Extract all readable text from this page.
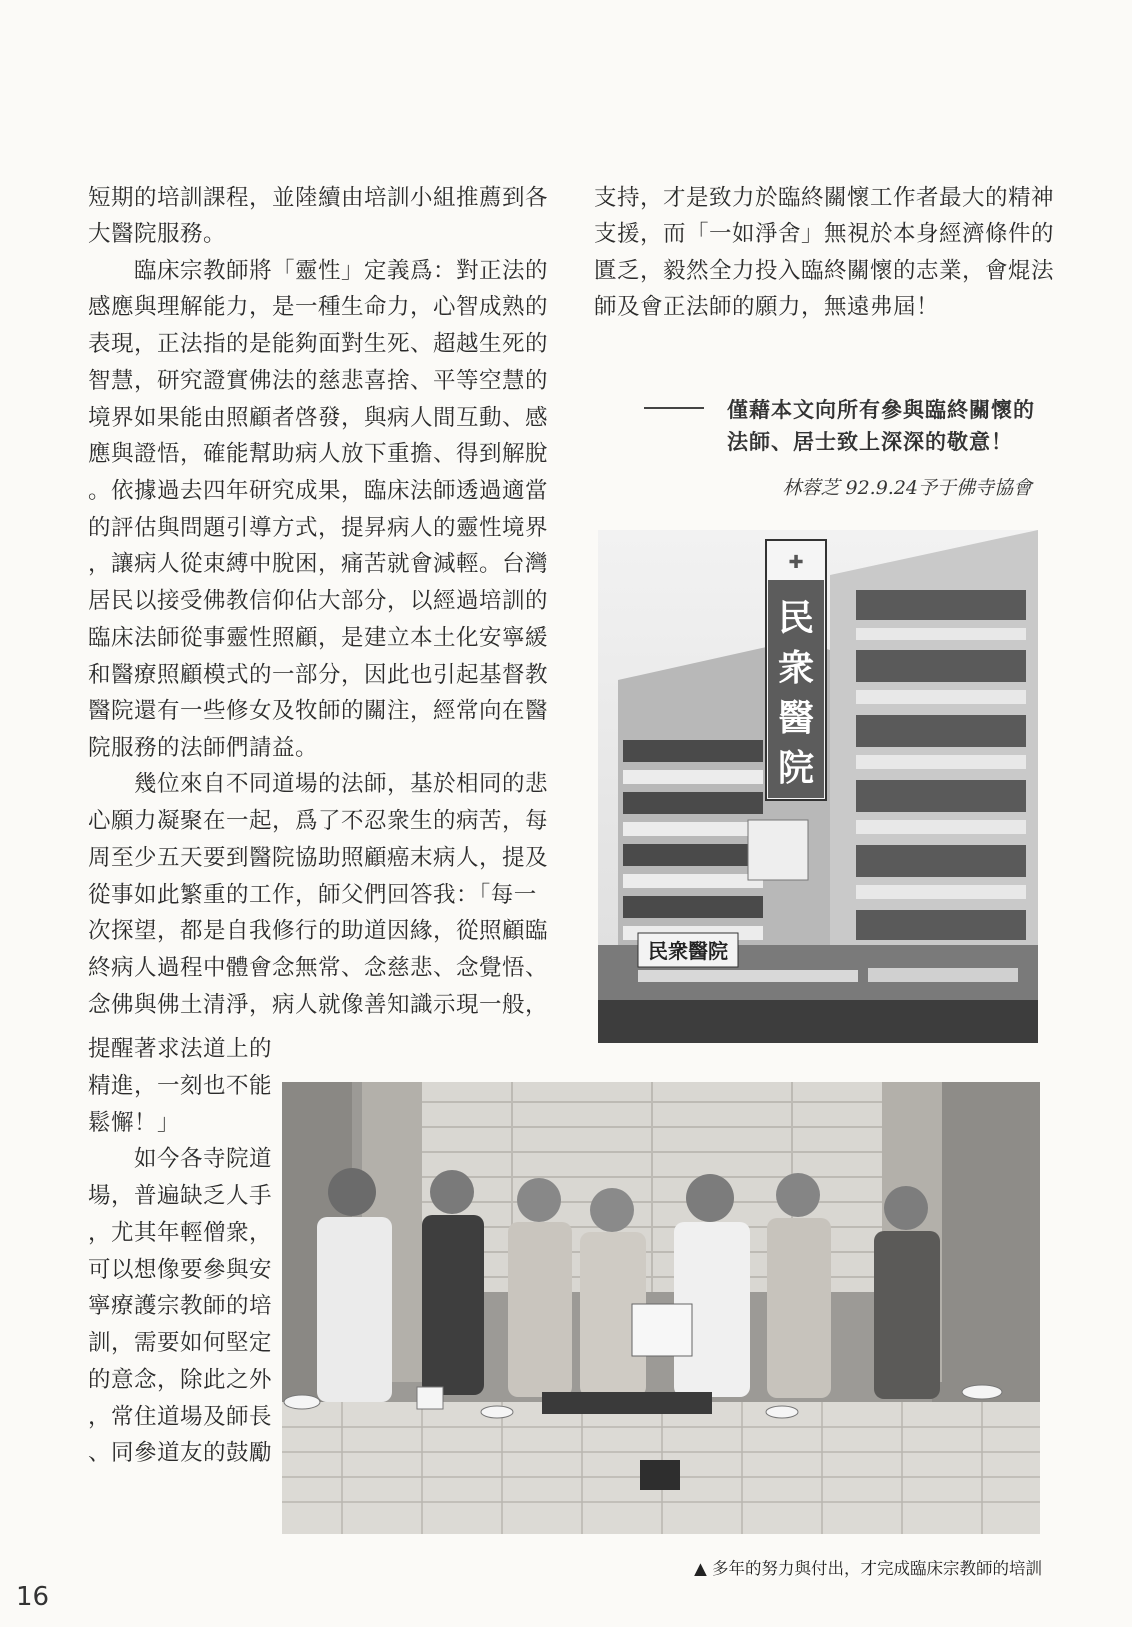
短期的培訓課程，並陸續由培訓小組推薦到各
大醫院服務。
　　臨床宗教師將「靈性」定義爲：對正法的
感應與理解能力，是一種生命力，心智成熟的
表現，正法指的是能夠面對生死、超越生死的
智慧，研究證實佛法的慈悲喜捨、平等空慧的
境界如果能由照顧者啓發，與病人間互動、感
應與證悟，確能幫助病人放下重擔、得到解脫
。依據過去四年研究成果，臨床法師透過適當
的評估與問題引導方式，提昇病人的靈性境界
，讓病人從束縛中脫困，痛苦就會減輕。台灣
居民以接受佛教信仰佔大部分，以經過培訓的
臨床法師從事靈性照顧，是建立本土化安寧緩
和醫療照顧模式的一部分，因此也引起基督教
醫院還有一些修女及牧師的關注，經常向在醫
院服務的法師們請益。
　　幾位來自不同道場的法師，基於相同的悲
心願力凝聚在一起，爲了不忍衆生的病苦，每
周至少五天要到醫院協助照顧癌末病人，提及
從事如此繁重的工作，師父們回答我：「每一
次探望，都是自我修行的助道因緣，從照顧臨
終病人過程中體會念無常、念慈悲、念覺悟、
念佛與佛土清淨，病人就像善知識示現一般，
提醒著求法道上的
精進，一刻也不能
鬆懈！」
　　如今各寺院道
場，普遍缺乏人手
，尤其年輕僧衆，
可以想像要參與安
寧療護宗教師的培
訓，需要如何堅定
的意念，除此之外
，常住道場及師長
、同參道友的鼓勵
支持，才是致力於臨終關懷工作者最大的精神
支援，而「一如淨舍」無視於本身經濟條件的
匱乏，毅然全力投入臨終關懷的志業，會焜法
師及會正法師的願力，無遠弗屆！
僅藉本文向所有參與臨終關懷的
法師、居士致上深深的敬意！
林蓉芝 92.9.24予于佛寺協會
✚
民
衆
醫
院
民衆醫院
▲ 多年的努力與付出，才完成臨床宗教師的培訓
16
